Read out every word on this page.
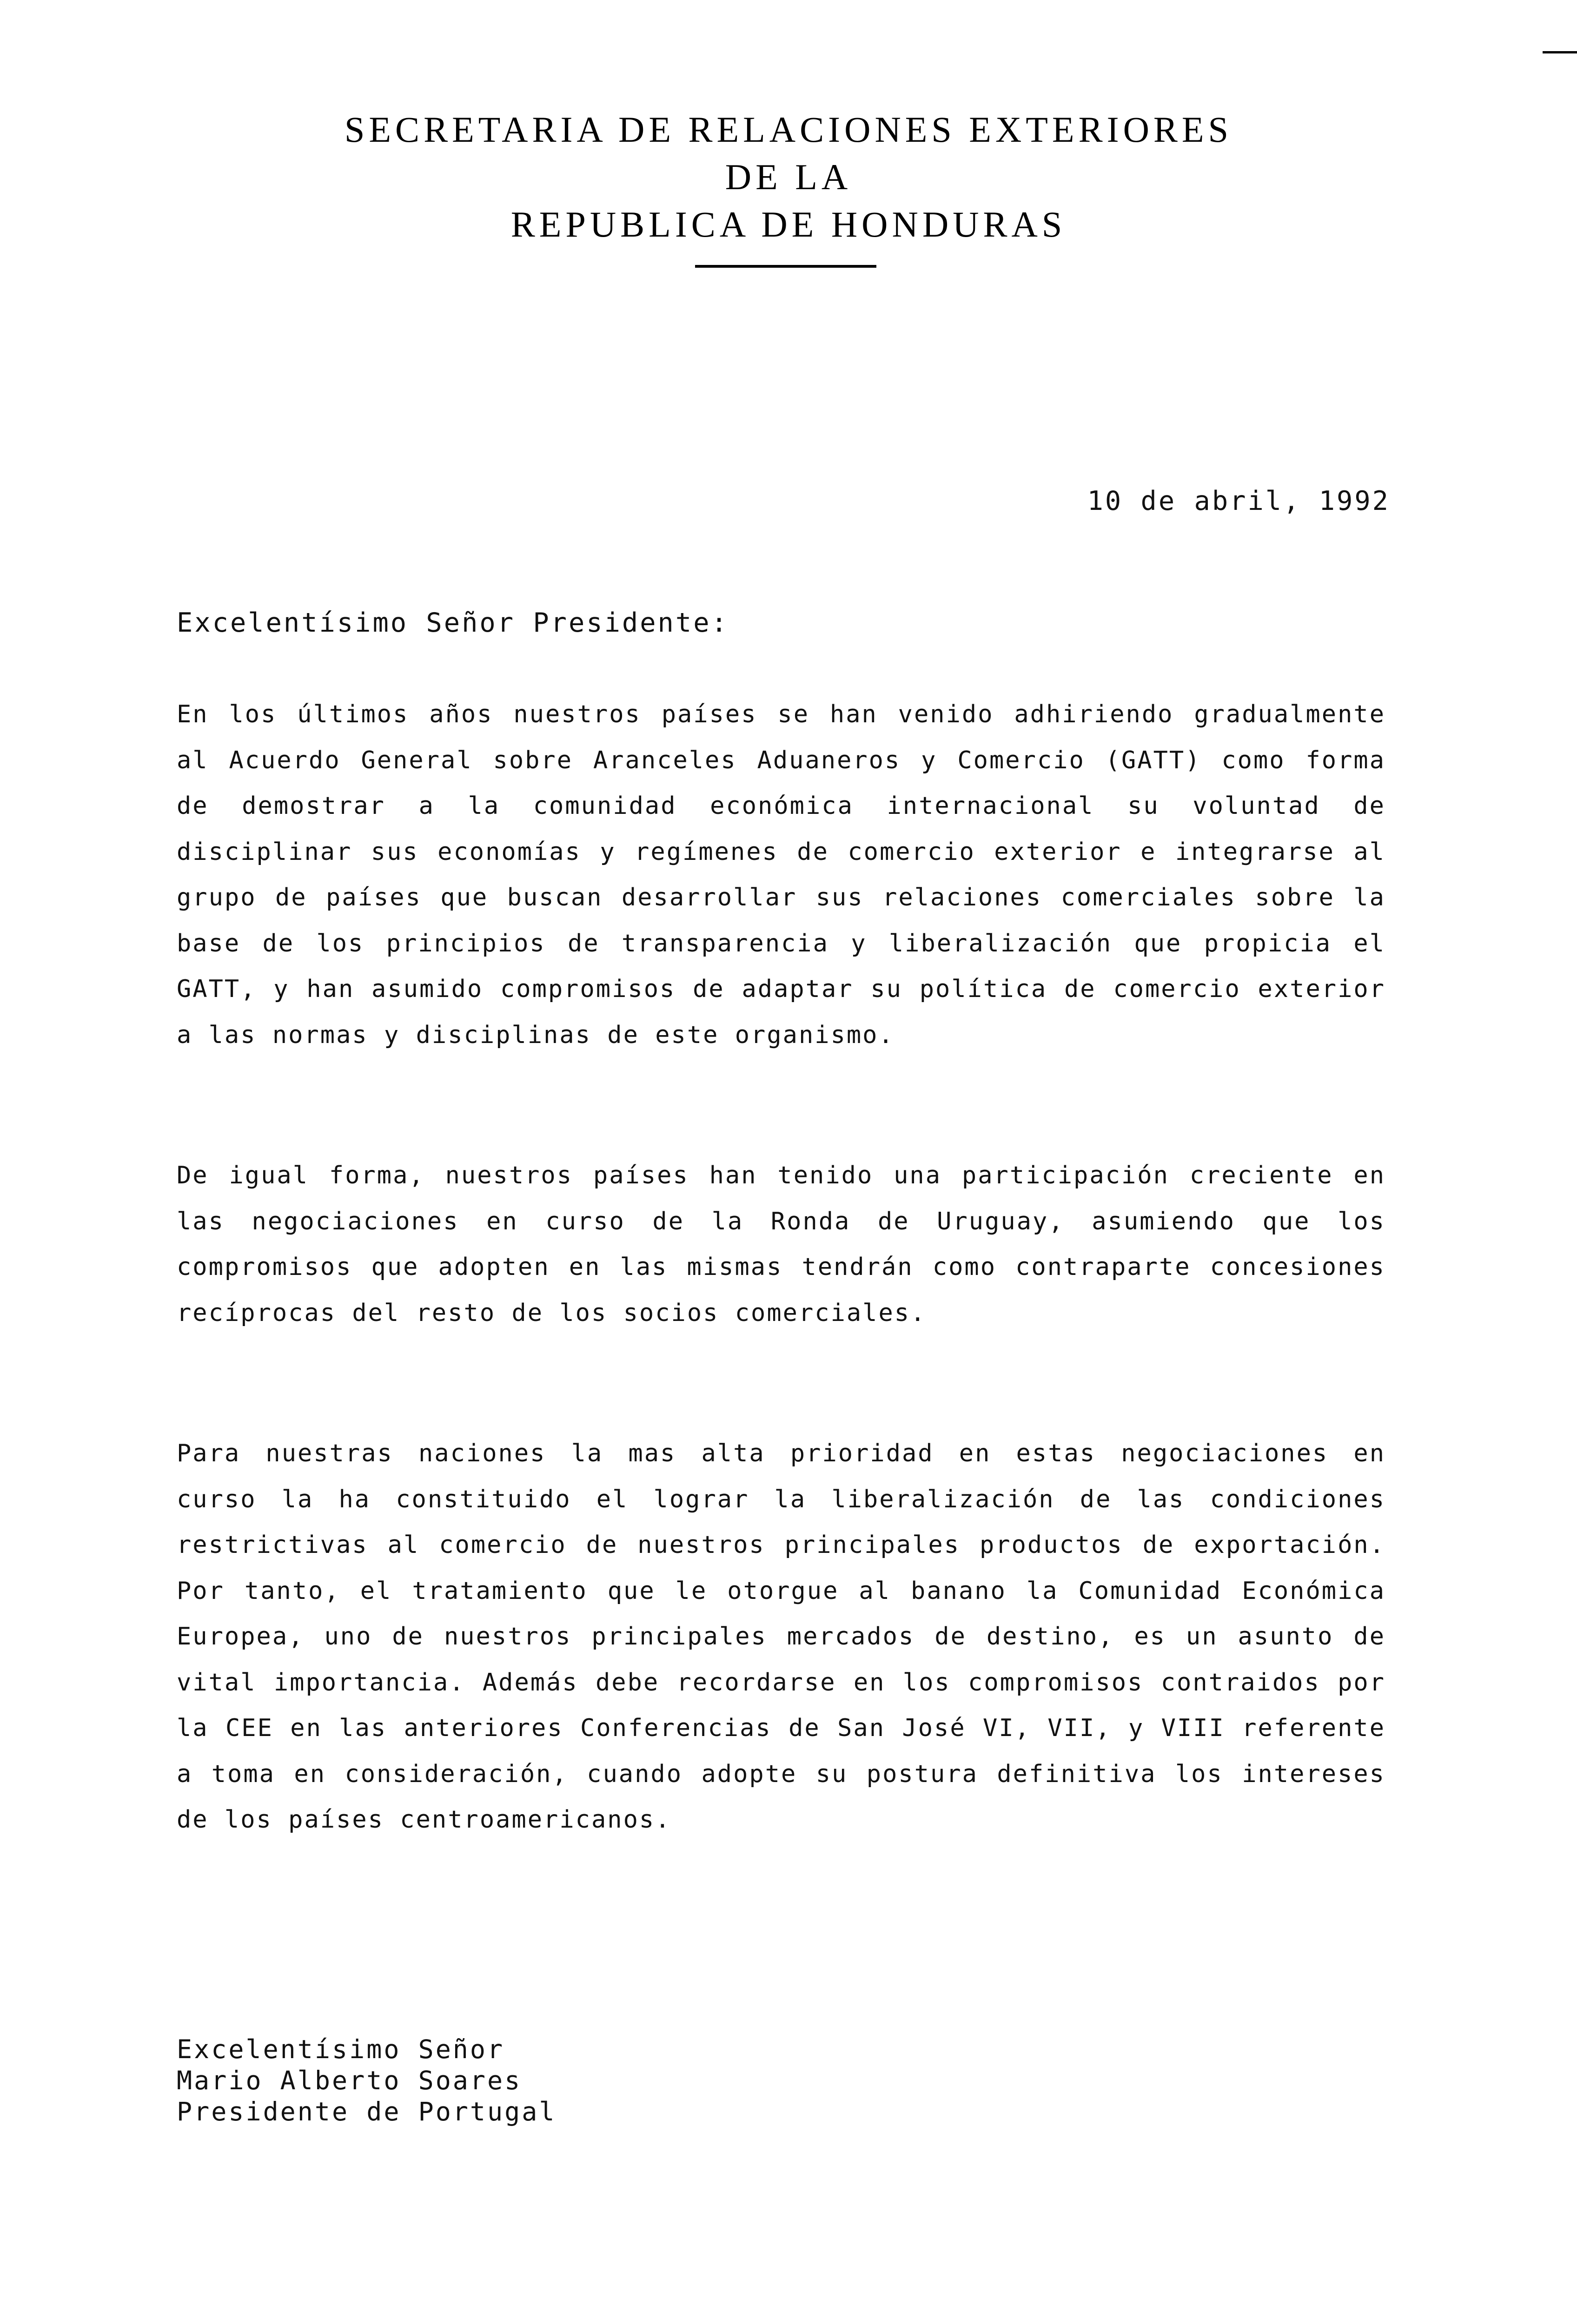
SECRETARIA DE RELACIONES EXTERIORES
DE LA
REPUBLICA DE HONDURAS
10 de abril, 1992
Excelentísimo Señor Presidente:

En los últimos años nuestros países se han venido adhiriendo gradualmente al Acuerdo General sobre Aranceles Aduaneros y Comercio (GATT) como forma de demostrar a la comunidad económica internacional su voluntad de disciplinar sus economías y regímenes de comercio exterior e integrarse al grupo de países que buscan desarrollar sus relaciones comerciales sobre la base de los principios de transparencia y liberalización que propicia el GATT, y han asumido compromisos de adaptar su política de comercio exterior a las normas y disciplinas de este organismo.

De igual forma, nuestros países han tenido una participación creciente en las negociaciones en curso de la Ronda de Uruguay, asumiendo que los compromisos que adopten en las mismas tendrán como contraparte concesiones recíprocas del resto de los socios comerciales.

Para nuestras naciones la mas alta prioridad en estas negociaciones en curso la ha constituido el lograr la liberalización de las condiciones restrictivas al comercio de nuestros principales productos de exportación. Por tanto, el tratamiento que le otorgue al banano la Comunidad Económica Europea, uno de nuestros principales mercados de destino, es un asunto de vital importancia. Además debe recordarse en los compromisos contraidos por la CEE en las anteriores Conferencias de San José VI, VII, y VIII referente a toma en consideración, cuando adopte su postura definitiva los intereses de los países centroamericanos.

Excelentísimo Señor
Mario Alberto Soares
Presidente de Portugal
